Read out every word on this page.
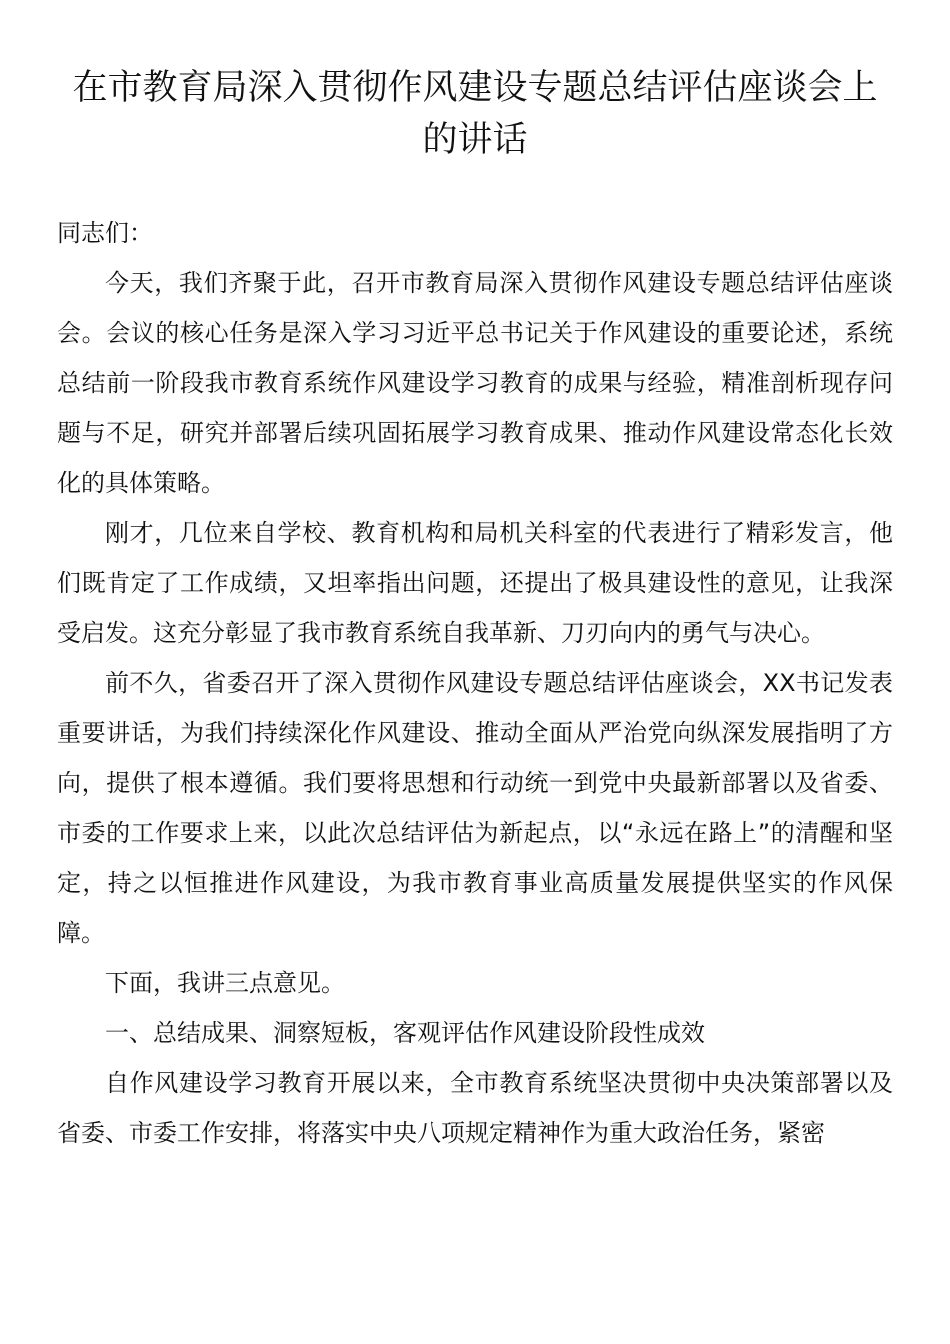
在市教育局深入贯彻作风建设专题总结评估座谈会上的讲话

同志们：

今天，我们齐聚于此，召开市教育局深入贯彻作风建设专题总结评估座谈会。会议的核心任务是深入学习习近平总书记关于作风建设的重要论述，系统总结前一阶段我市教育系统作风建设学习教育的成果与经验，精准剖析现存问题与不足，研究并部署后续巩固拓展学习教育成果、推动作风建设常态化长效化的具体策略。

刚才，几位来自学校、教育机构和局机关科室的代表进行了精彩发言，他们既肯定了工作成绩，又坦率指出问题，还提出了极具建设性的意见，让我深受启发。这充分彰显了我市教育系统自我革新、刀刃向内的勇气与决心。

前不久，省委召开了深入贯彻作风建设专题总结评估座谈会，XX书记发表重要讲话，为我们持续深化作风建设、推动全面从严治党向纵深发展指明了方向，提供了根本遵循。我们要将思想和行动统一到党中央最新部署以及省委、市委的工作要求上来，以此次总结评估为新起点，以“永远在路上”的清醒和坚定，持之以恒推进作风建设，为我市教育事业高质量发展提供坚实的作风保障。

下面，我讲三点意见。

一、总结成果、洞察短板，客观评估作风建设阶段性成效

自作风建设学习教育开展以来，全市教育系统坚决贯彻中央决策部署以及省委、市委工作安排，将落实中央八项规定精神作为重大政治任务，紧密
